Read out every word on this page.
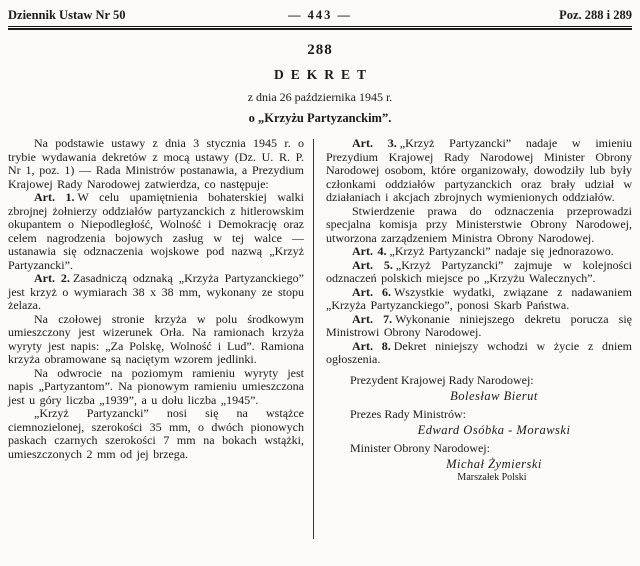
Dziennik Ustaw Nr 50	— 443 —	Poz. 288 i 289
288
DEKRET
z dnia 26 października 1945 r.
o „Krzyżu Partyzanckim”.

Na podstawie ustawy z dnia 3 stycznia 1945 r. o trybie wydawania dekretów z mocą ustawy (Dz. U. R. P. Nr 1, poz. 1) — Rada Ministrów postanawia, a Prezydium Krajowej Rady Narodowej zatwierdza, co następuje:

Art. 1. W celu upamiętnienia bohaterskiej walki zbrojnej żołnierzy oddziałów partyzanckich z hitlerowskim okupantem o Niepodległość, Wolność i Demokrację oraz celem nagrodzenia bojowych zasług w tej walce — ustanawia się odznaczenia wojskowe pod nazwą „Krzyż Partyzancki”.

Art. 2. Zasadniczą odznaką „Krzyża Partyzanckiego” jest krzyż o wymiarach 38 x 38 mm, wykonany ze stopu żelaza.

Na czołowej stronie krzyża w polu środkowym umieszczony jest wizerunek Orła. Na ramionach krzyża wyryty jest napis: „Za Polskę, Wolność i Lud”. Ramiona krzyża obramowane są naciętym wzorem jedlinki.

Na odwrocie na poziomym ramieniu wyryty jest napis „Partyzantom”. Na pionowym ramieniu umieszczona jest u góry liczba „1939”, a u dołu liczba „1945”.

„Krzyż Partyzancki” nosi się na wstążce ciemnozielonej, szerokości 35 mm, o dwóch pionowych paskach czarnych szerokości 7 mm na bokach wstążki, umieszczonych 2 mm od jej brzega.

Art. 3. „Krzyż Partyzancki” nadaje w imieniu Prezydium Krajowej Rady Narodowej Minister Obrony Narodowej osobom, które organizowały, dowodziły lub były członkami oddziałów partyzanckich oraz brały udział w działaniach i akcjach zbrojnych wymienionych oddziałów.

Stwierdzenie prawa do odznaczenia przeprowadzi specjalna komisja przy Ministerstwie Obrony Narodowej, utworzona zarządzeniem Ministra Obrony Narodowej.

Art. 4. „Krzyż Partyzancki” nadaje się jednorazowo.

Art. 5. „Krzyż Partyzancki” zajmuje w kolejności odznaczeń polskich miejsce po „Krzyżu Walecznych”.

Art. 6. Wszystkie wydatki, związane z nadawaniem „Krzyża Partyzanckiego”, ponosi Skarb Państwa.

Art. 7. Wykonanie niniejszego dekretu porucza się Ministrowi Obrony Narodowej.

Art. 8. Dekret niniejszy wchodzi w życie z dniem ogłoszenia.

Prezydent Krajowej Rady Narodowej:
Bolesław Bierut
Prezes Rady Ministrów:
Edward Osóbka - Morawski
Minister Obrony Narodowej:
Michał Żymierski
Marszałek Polski
